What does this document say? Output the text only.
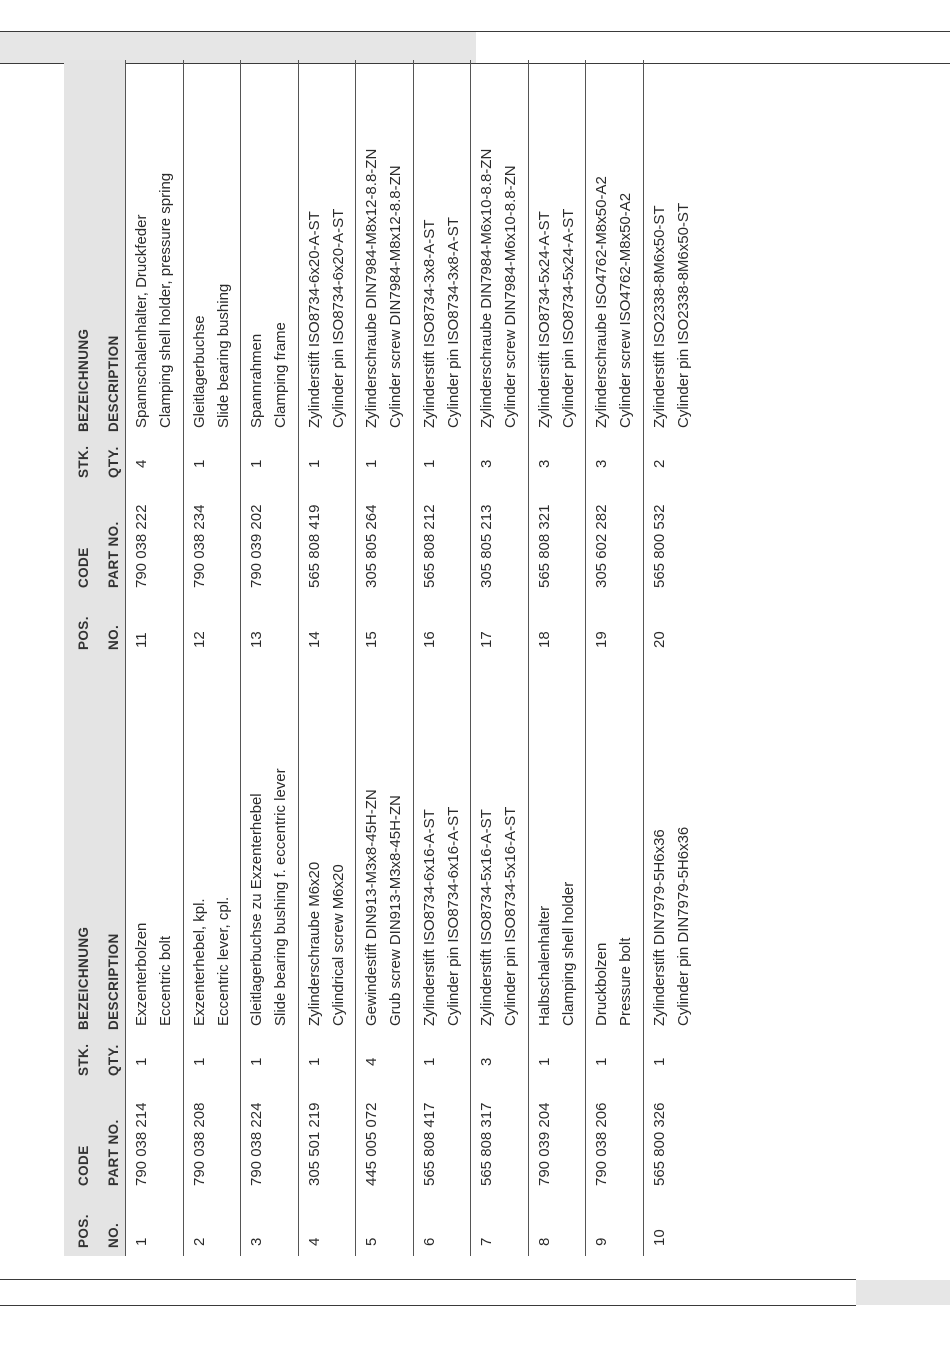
POS. NO.
CODE PART NO.
STK. QTY.
BEZEICHNUNG DESCRIPTION
1
790 038 214
1
Exzenterbolzen Eccentric bolt
2
790 038 208
1
Exzenterhebel, kpl. Eccentric lever, cpl.
3
790 038 224
1
Gleitlagerbuchse zu Exzenterhebel Slide bearing bushing f. eccentric lever
4
305 501 219
1
Zylinderschraube M6x20 Cylindrical screw M6x20
5
445 005 072
4
Gewindestift DIN913-M3x8-45H-ZN Grub screw DIN913-M3x8-45H-ZN
6
565 808 417
1
Zylinderstift ISO8734-6x16-A-ST Cylinder pin ISO8734-6x16-A-ST
7
565 808 317
3
Zylinderstift ISO8734-5x16-A-ST Cylinder pin ISO8734-5x16-A-ST
8
790 039 204
1
Halbschalenhalter Clamping shell holder
9
790 038 206
1
Druckbolzen Pressure bolt
10
565 800 326
1
Zylinderstift DIN7979-5H6x36 Cylinder pin DIN7979-5H6x36
POS. NO.
CODE PART NO.
STK. QTY.
BEZEICHNUNG DESCRIPTION
11
790 038 222
4
Spannschalenhalter, Druckfeder Clamping shell holder, pressure spring
12
790 038 234
1
Gleitlagerbuchse Slide bearing bushing
13
790 039 202
1
Spannrahmen Clamping frame
14
565 808 419
1
Zylinderstift ISO8734-6x20-A-ST Cylinder pin ISO8734-6x20-A-ST
15
305 805 264
1
Zylinderschraube DIN7984-M8x12-8.8-ZN Cylinder screw DIN7984-M8x12-8.8-ZN
16
565 808 212
1
Zylinderstift ISO8734-3x8-A-ST Cylinder pin ISO8734-3x8-A-ST
17
305 805 213
3
Zylinderschraube DIN7984-M6x10-8.8-ZN Cylinder screw DIN7984-M6x10-8.8-ZN
18
565 808 321
3
Zylinderstift ISO8734-5x24-A-ST Cylinder pin ISO8734-5x24-A-ST
19
305 602 282
3
Zylinderschraube ISO4762-M8x50-A2 Cylinder screw ISO4762-M8x50-A2
20
565 800 532
2
Zylinderstift ISO2338-8M6x50-ST Cylinder pin ISO2338-8M6x50-ST
